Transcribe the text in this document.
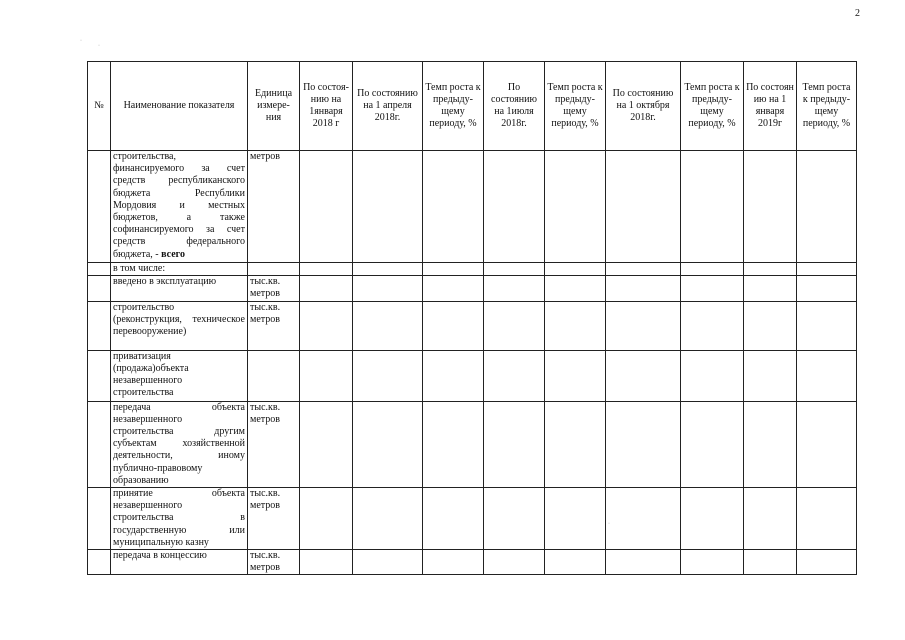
2
·
·
·
№	Наименование показателя	Единица измере-ния	По состоя-нию на 1января 2018 г	По состоянию на 1 апреля 2018г.	Темп роста к предыду-щему периоду, %	По состоянию на 1июля 2018г.	Темп роста к предыду-щему периоду, %	По состоянию на 1 октября 2018г.	Темп роста к предыду-щему периоду, %	По состоян ию на 1 января 2019г	Темп роста к предыду-щему периоду, %
	строительства, финансируемого за счет средств республиканского бюджета Республики Мордовия и местных бюджетов, а также софинансируемого за счет средств федерального бюджета, - всего	метров									
	в том числе:										
	введено в эксплуатацию	тыс.кв. метров									
	строительство (реконструкция, техническое перевооружение)	тыс.кв. метров									
	приватизация (продажа)объекта незавершенного строительства										
	передача объекта незавершенного строительства другим субъектам хозяйственной деятельности, иному публично-правовому образованию	тыс.кв. метров									
	принятие объекта незавершенного строительства в государственную или муниципальную казну	тыс.кв. метров									
	передача в концессию	тыс.кв. метров									
